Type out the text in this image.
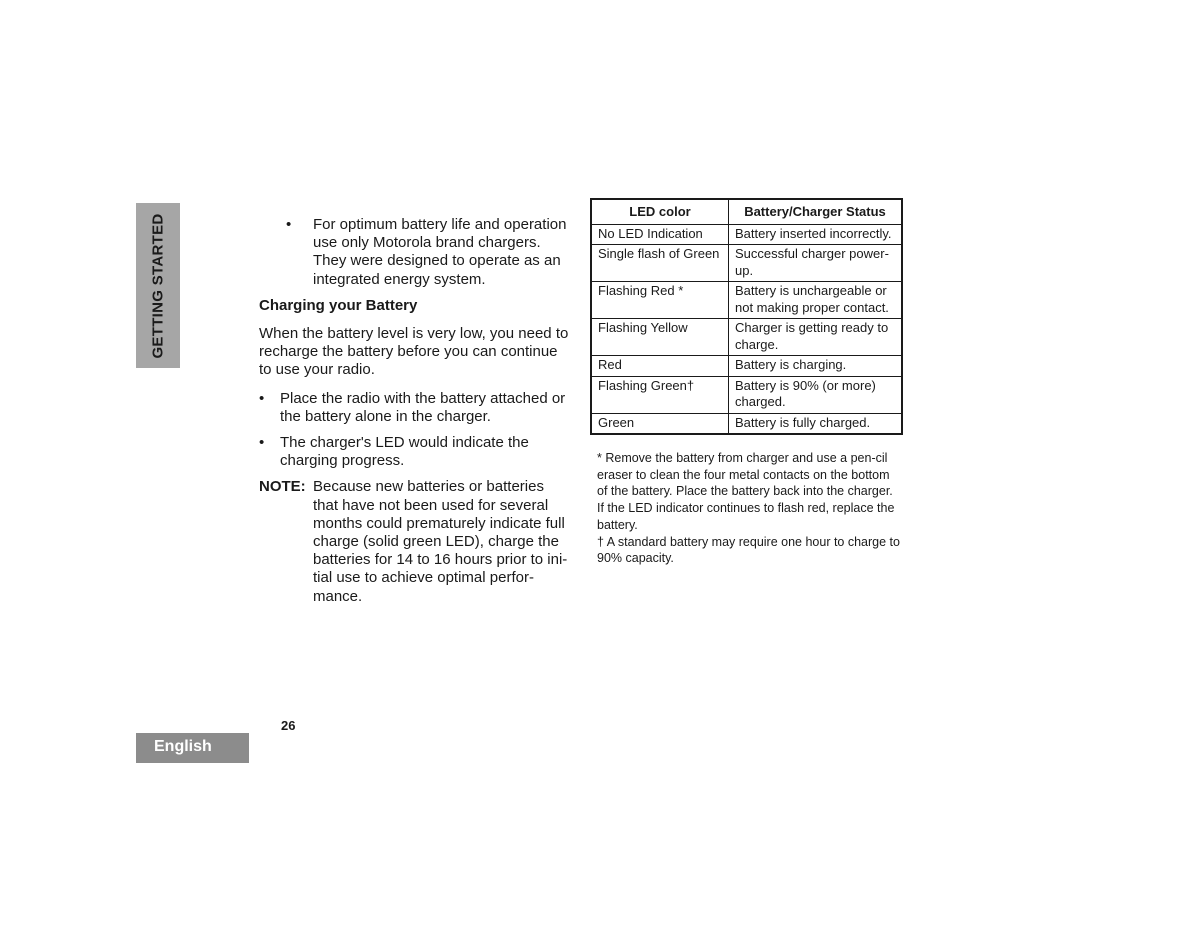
GETTING STARTED	• For optimum battery life and operation use only Motorola brand chargers. They were designed to operate as an integrated energy system.
Charging your Battery
When the battery level is very low, you need to recharge the battery before you can continue to use your radio.
• Place the radio with the battery attached or the battery alone in the charger.
• The charger's LED would indicate the charging progress.
NOTE: Because new batteries or batteries that have not been used for several months could prematurely indicate full charge (solid green LED), charge the batteries for 14 to 16 hours prior to ini-tial use to achieve optimal perfor-mance.
LED color	Battery/Charger Status
No LED Indication	Battery inserted incorrectly.
Single flash of Green	Successful charger power-up.
Flashing Red *	Battery is unchargeable or not making proper contact.
Flashing Yellow	Charger is getting ready to charge.
Red	Battery is charging.
Flashing Green†	Battery is 90% (or more) charged.
Green	Battery is fully charged.

* Remove the battery from charger and use a pen-cil eraser to clean the four metal contacts on the bottom of the battery. Place the battery back into the charger. If the LED indicator continues to flash red, replace the battery.

† A standard battery may require one hour to charge to 90% capacity.

26
English
